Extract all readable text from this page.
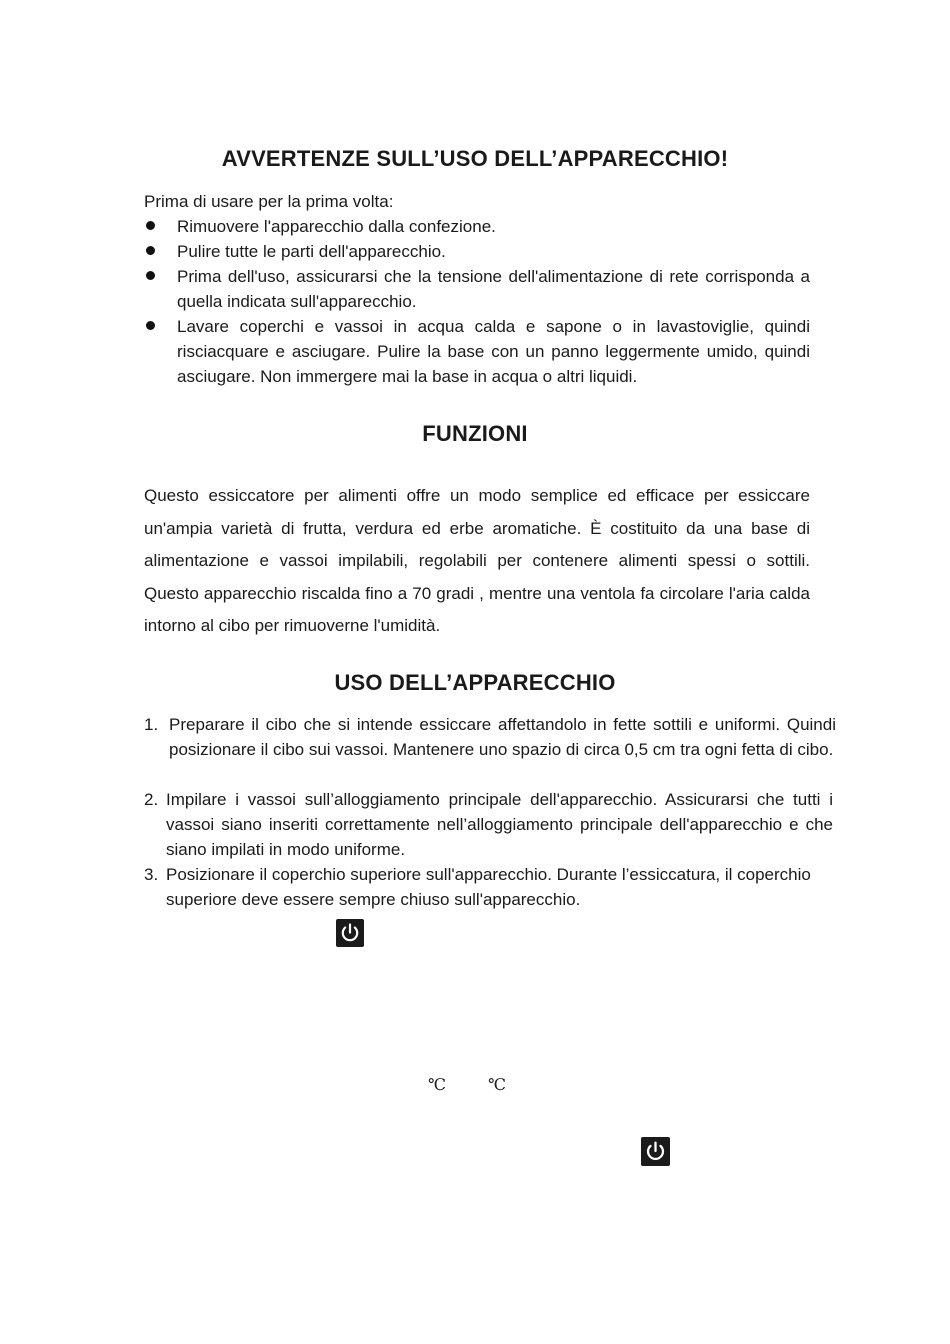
AVVERTENZE SULL’USO DELL’APPARECCHIO!
Prima di usare per la prima volta:
Rimuovere l'apparecchio dalla confezione.
Pulire tutte le parti dell'apparecchio.
Prima dell'uso, assicurarsi che la tensione dell'alimentazione di rete corrisponda a quella indicata sull'apparecchio.
Lavare coperchi e vassoi in acqua calda e sapone o in lavastoviglie, quindi risciacquare e asciugare. Pulire la base con un panno leggermente umido, quindi asciugare. Non immergere mai la base in acqua o altri liquidi.
FUNZIONI
Questo essiccatore per alimenti offre un modo semplice ed efficace per essiccare un'ampia varietà di frutta, verdura ed erbe aromatiche. È costituito da una base di alimentazione e vassoi impilabili, regolabili per contenere alimenti spessi o sottili. Questo apparecchio riscalda fino a 70 gradi , mentre una ventola fa circolare l'aria calda intorno al cibo per rimuoverne l'umidità.
USO DELL’APPARECCHIO
1. Preparare il cibo che si intende essiccare affettandolo in fette sottili e uniformi. Quindi posizionare il cibo sui vassoi. Mantenere uno spazio di circa 0,5 cm tra ogni fetta di cibo.
2. Impilare i vassoi sull’alloggiamento principale dell'apparecchio. Assicurarsi che tutti i vassoi siano inseriti correttamente nell’alloggiamento principale dell'apparecchio e che siano impilati in modo uniforme.
3. Posizionare il coperchio superiore sull'apparecchio. Durante l’essiccatura, il coperchio superiore deve essere sempre chiuso sull'apparecchio.
℃	℃
